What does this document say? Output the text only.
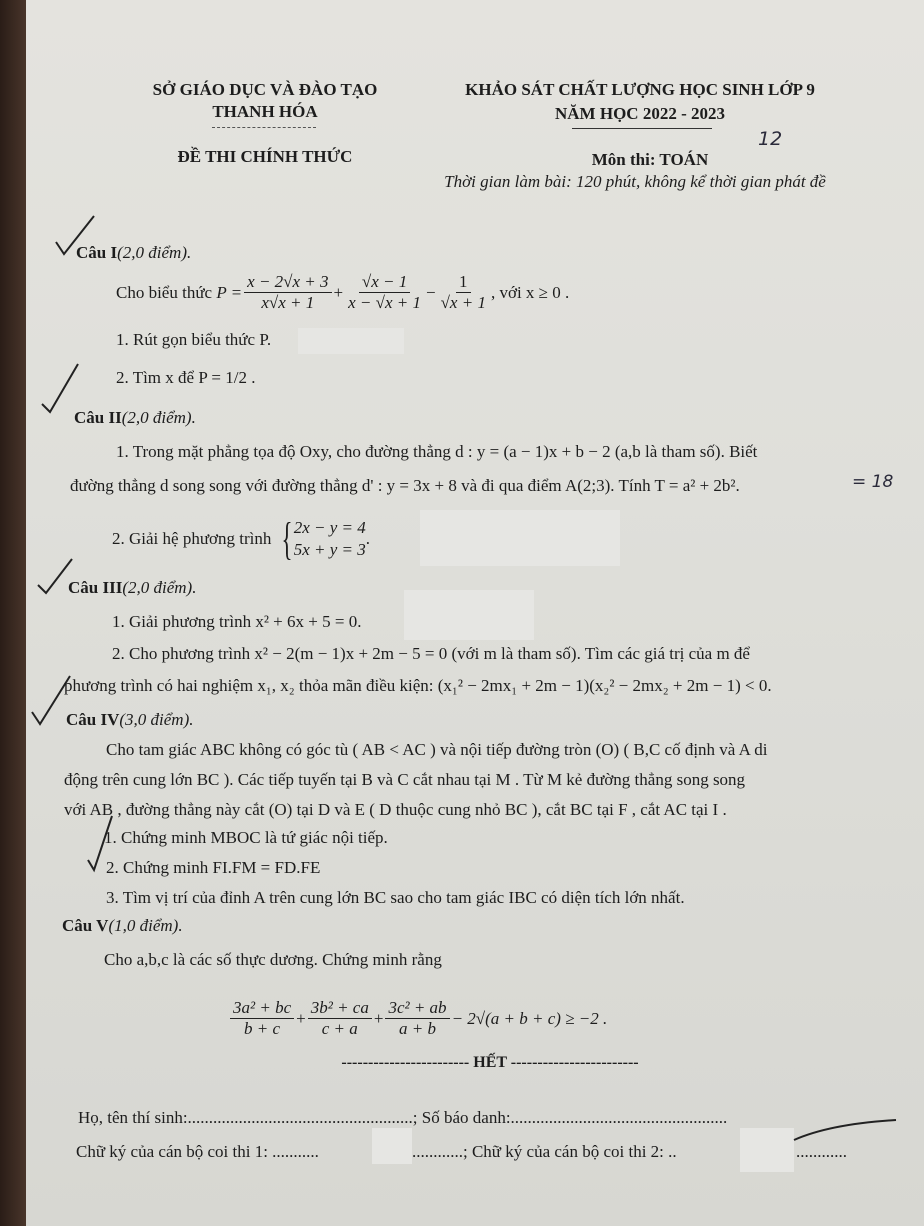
SỞ GIÁO DỤC VÀ ĐÀO TẠO
THANH HÓA
ĐỀ THI CHÍNH THỨC
KHẢO SÁT CHẤT LƯỢNG HỌC SINH LỚP 9
NĂM HỌC 2022 - 2023
12
Môn thi: TOÁN
Thời gian làm bài: 120 phút, không kể thời gian phát đề
Câu I(2,0 điểm).
Cho biểu thức
$P = \frac{x - 2√x + 3}{x√x + 1} + \frac{√x - 1}{x - √x + 1} - \frac{1}{√x + 1}$ , với x ≥ 0 .
1. Rút gọn biểu thức P.
2. Tìm x để P = 1/2 .
Câu II(2,0 điểm).
1. Trong mặt phẳng tọa độ Oxy, cho đường thẳng d : y = (a − 1)x + b − 2 (a,b là tham số). Biết
đường thẳng d song song với đường thẳng d' : y = 3x + 8 và đi qua điểm A(2;3). Tính T = a² + 2b².	= 18
2. Giải hệ phương trình
{ 2x − y = 4
5x + y = 3
.
Câu III(2,0 điểm).
1. Giải phương trình x² + 6x + 5 = 0.
2. Cho phương trình x² − 2(m − 1)x + 2m − 5 = 0 (với m là tham số). Tìm các giá trị của m để
phương trình có hai nghiệm x₁, x₂ thỏa mãn điều kiện: (x₁² − 2mx₁ + 2m − 1)(x₂² − 2mx₂ + 2m − 1) < 0.
Câu IV(3,0 điểm).
Cho tam giác ABC không có góc tù ( AB < AC ) và nội tiếp đường tròn (O) ( B,C cố định và A di
động trên cung lớn BC ). Các tiếp tuyến tại B và C cắt nhau tại M . Từ M kẻ đường thẳng song song
với AB , đường thẳng này cắt (O) tại D và E ( D thuộc cung nhỏ BC ), cắt BC tại F , cắt AC tại I .
1. Chứng minh MBOC là tứ giác nội tiếp.
2. Chứng minh FI.FM = FD.FE
3. Tìm vị trí của đỉnh A trên cung lớn BC sao cho tam giác IBC có diện tích lớn nhất.
Câu V(1,0 điểm).
Cho a,b,c là các số thực dương. Chứng minh rằng
$\frac{\text{3a² + bc}}{b + c} + \frac{\text{3b² + ca}}{c + a} + \frac{\text{3c² + ab}}{a + b} - 2√(a + b + c) \ge -2$ .
------------------------ HẾT ------------------------
Họ, tên thí sinh:.....................................................; Số báo danh:...................................................
Chữ ký của cán bộ coi thi 1: ...........	............; Chữ ký của cán bộ coi thi 2: ..	............
